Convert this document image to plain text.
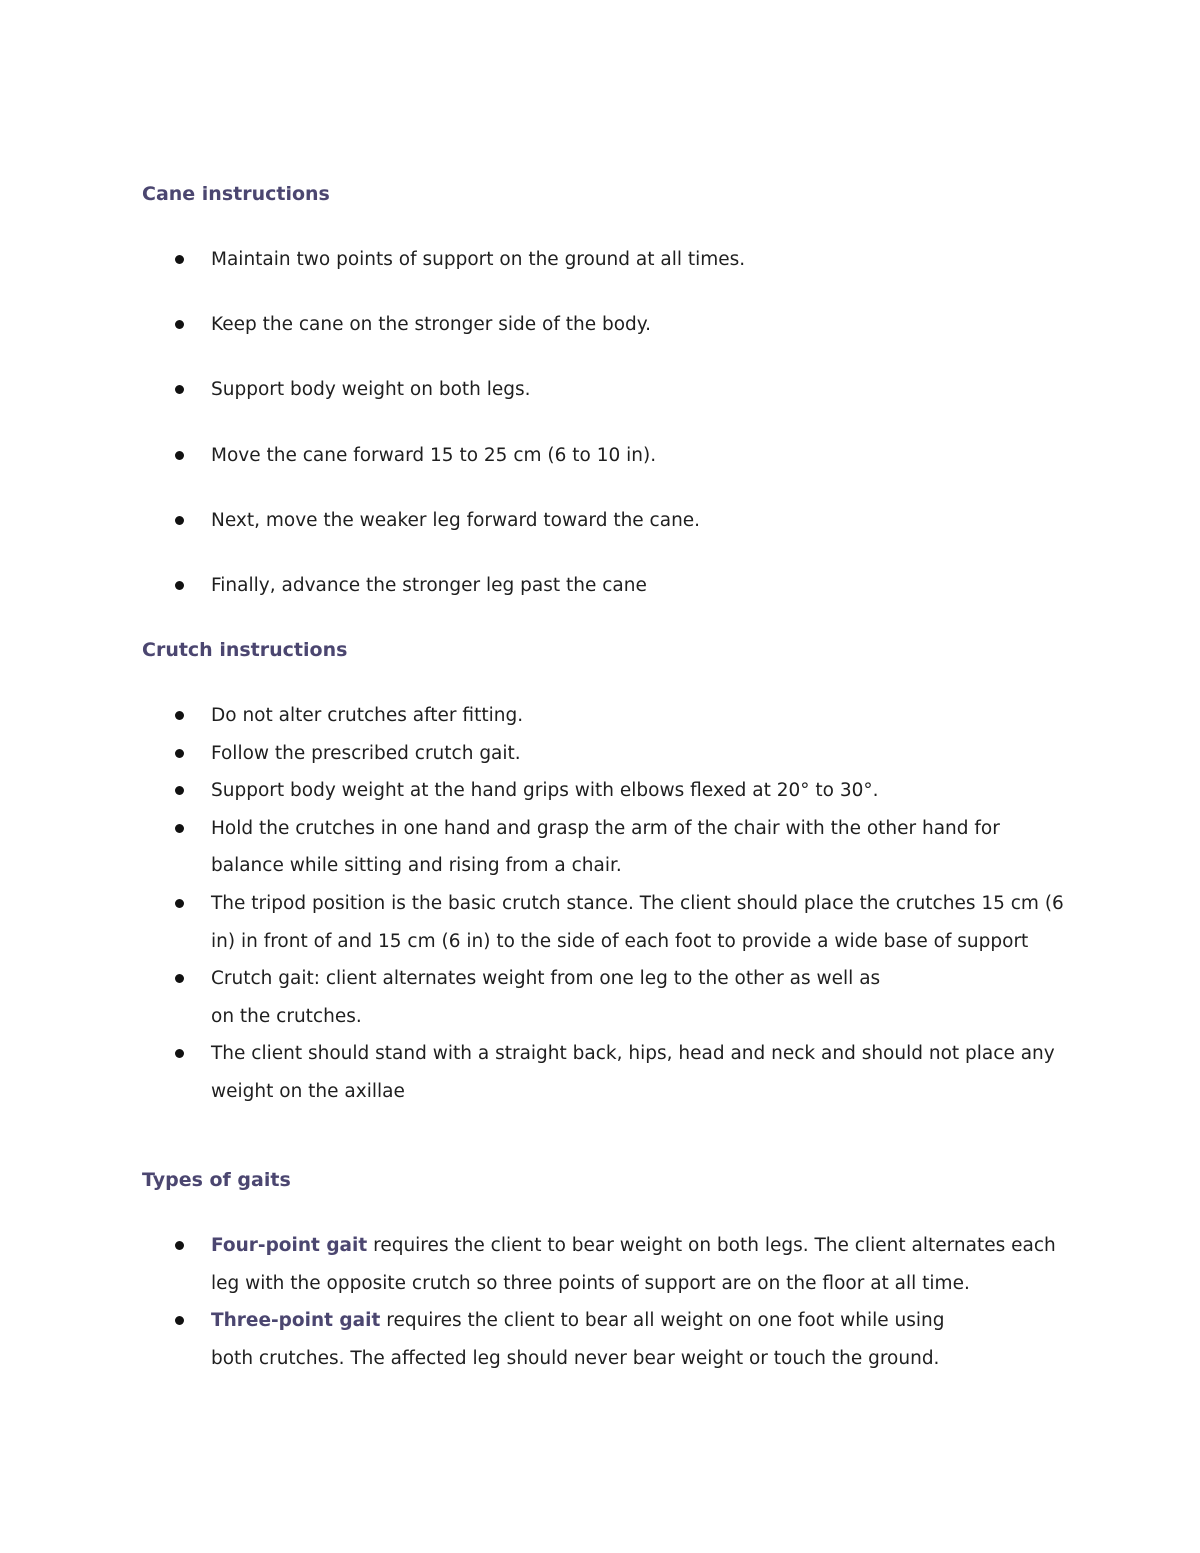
Cane instructions
Maintain two points of support on the ground at all times.
Keep the cane on the stronger side of the body.
Support body weight on both legs.
Move the cane forward 15 to 25 cm (6 to 10 in).
Next, move the weaker leg forward toward the cane.
Finally, advance the stronger leg past the cane
Crutch instructions
Do not alter crutches after fitting.
Follow the prescribed crutch gait.
Support body weight at the hand grips with elbows flexed at 20° to 30°.
Hold the crutches in one hand and grasp the arm of the chair with the other hand for balance while sitting and rising from a chair.
The tripod position is the basic crutch stance. The client should place the crutches 15 cm (6 in) in front of and 15 cm (6 in) to the side of each foot to provide a wide base of support
Crutch gait: client alternates weight from one leg to the other as well as
on the crutches.
The client should stand with a straight back, hips, head and neck and should not place any weight on the axillae
Types of gaits
Four-point gait requires the client to bear weight on both legs. The client alternates each leg with the opposite crutch so three points of support are on the floor at all time.
Three-point gait requires the client to bear all weight on one foot while using
both crutches. The affected leg should never bear weight or touch the ground.
